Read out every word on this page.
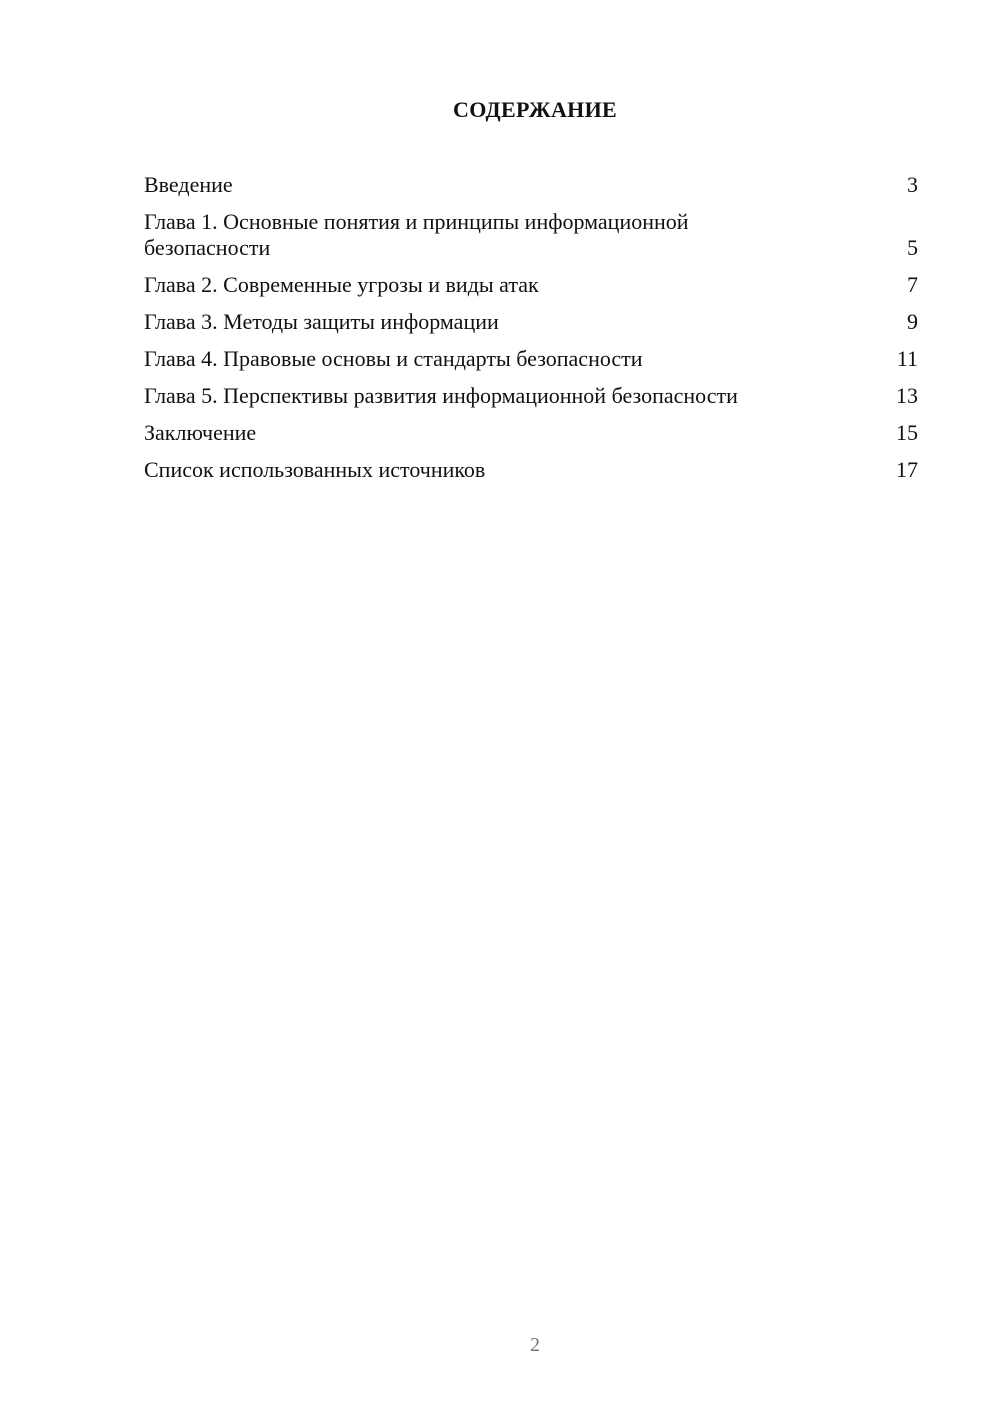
СОДЕРЖАНИЕ
Введение	3
Глава 1. Основные понятия и принципы информационной безопасности	5
Глава 2. Современные угрозы и виды атак	7
Глава 3. Методы защиты информации	9
Глава 4. Правовые основы и стандарты безопасности	11
Глава 5. Перспективы развития информационной безопасности	13
Заключение	15
Список использованных источников	17
2
